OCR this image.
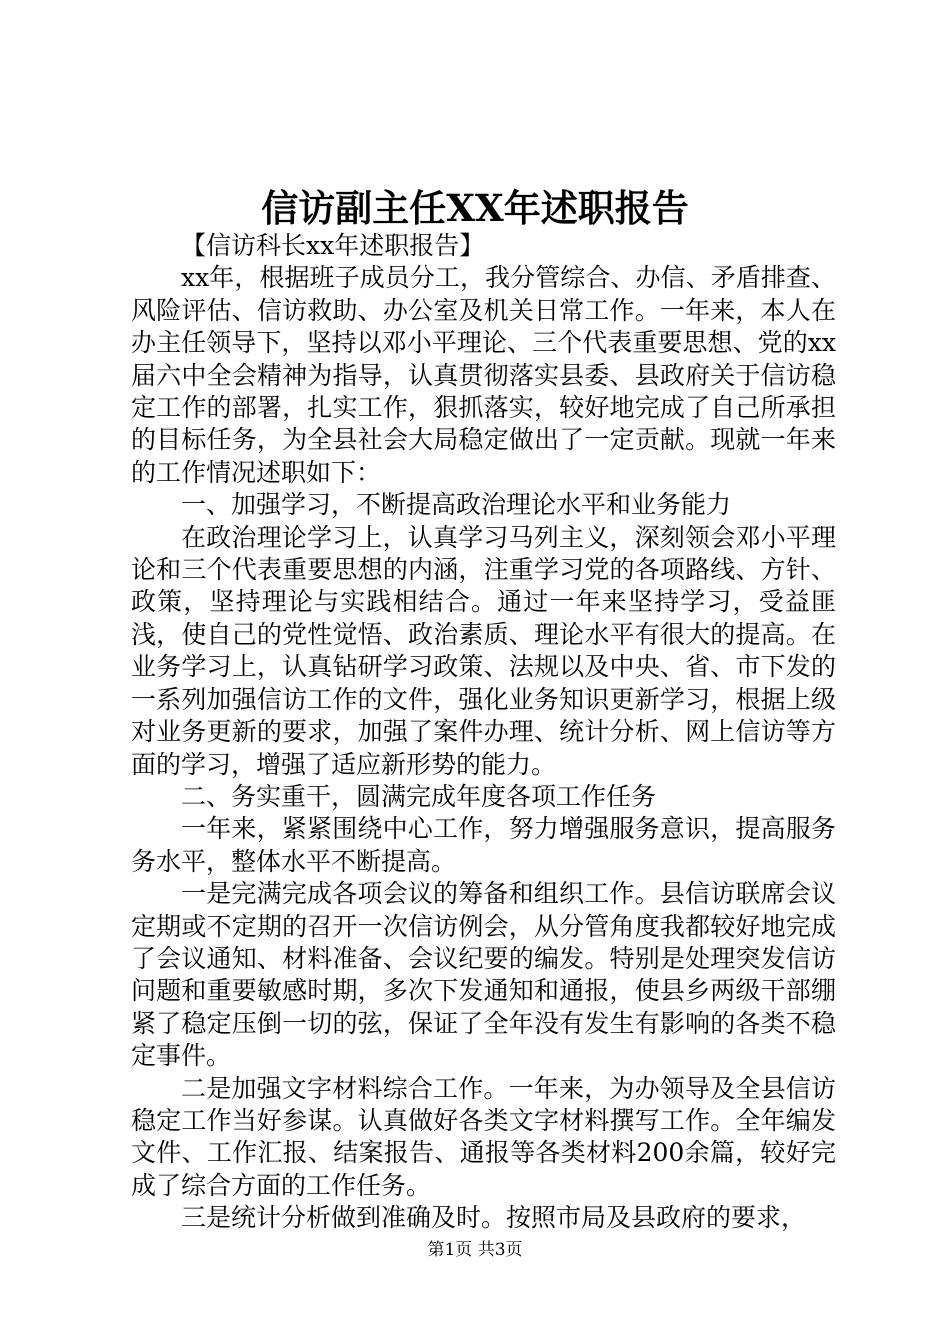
信访副主任XX年述职报告

【信访科长xx年述职报告】

xx年，根据班子成员分工，我分管综合、办信、矛盾排查、风险评估、信访救助、办公室及机关日常工作。一年来，本人在办主任领导下，坚持以邓小平理论、三个代表重要思想、党的xx届六中全会精神为指导，认真贯彻落实县委、县政府关于信访稳定工作的部署，扎实工作，狠抓落实，较好地完成了自己所承担的目标任务，为全县社会大局稳定做出了一定贡献。现就一年来的工作情况述职如下：

一、加强学习，不断提高政治理论水平和业务能力

在政治理论学习上，认真学习马列主义，深刻领会邓小平理论和三个代表重要思想的内涵，注重学习党的各项路线、方针、政策，坚持理论与实践相结合。通过一年来坚持学习，受益匪浅，使自己的党性觉悟、政治素质、理论水平有很大的提高。在业务学习上，认真钻研学习政策、法规以及中央、省、市下发的一系列加强信访工作的文件，强化业务知识更新学习，根据上级对业务更新的要求，加强了案件办理、统计分析、网上信访等方面的学习，增强了适应新形势的能力。

二、务实重干，圆满完成年度各项工作任务

一年来，紧紧围绕中心工作，努力增强服务意识，提高服务务水平，整体水平不断提高。

一是完满完成各项会议的筹备和组织工作。县信访联席会议定期或不定期的召开一次信访例会，从分管角度我都较好地完成了会议通知、材料准备、会议纪要的编发。特别是处理突发信访问题和重要敏感时期，多次下发通知和通报，使县乡两级干部绷紧了稳定压倒一切的弦，保证了全年没有发生有影响的各类不稳定事件。

二是加强文字材料综合工作。一年来，为办领导及全县信访稳定工作当好参谋。认真做好各类文字材料撰写工作。全年编发文件、工作汇报、结案报告、通报等各类材料200余篇，较好完成了综合方面的工作任务。

三是统计分析做到准确及时。按照市局及县政府的要求，

第1页 共3页
